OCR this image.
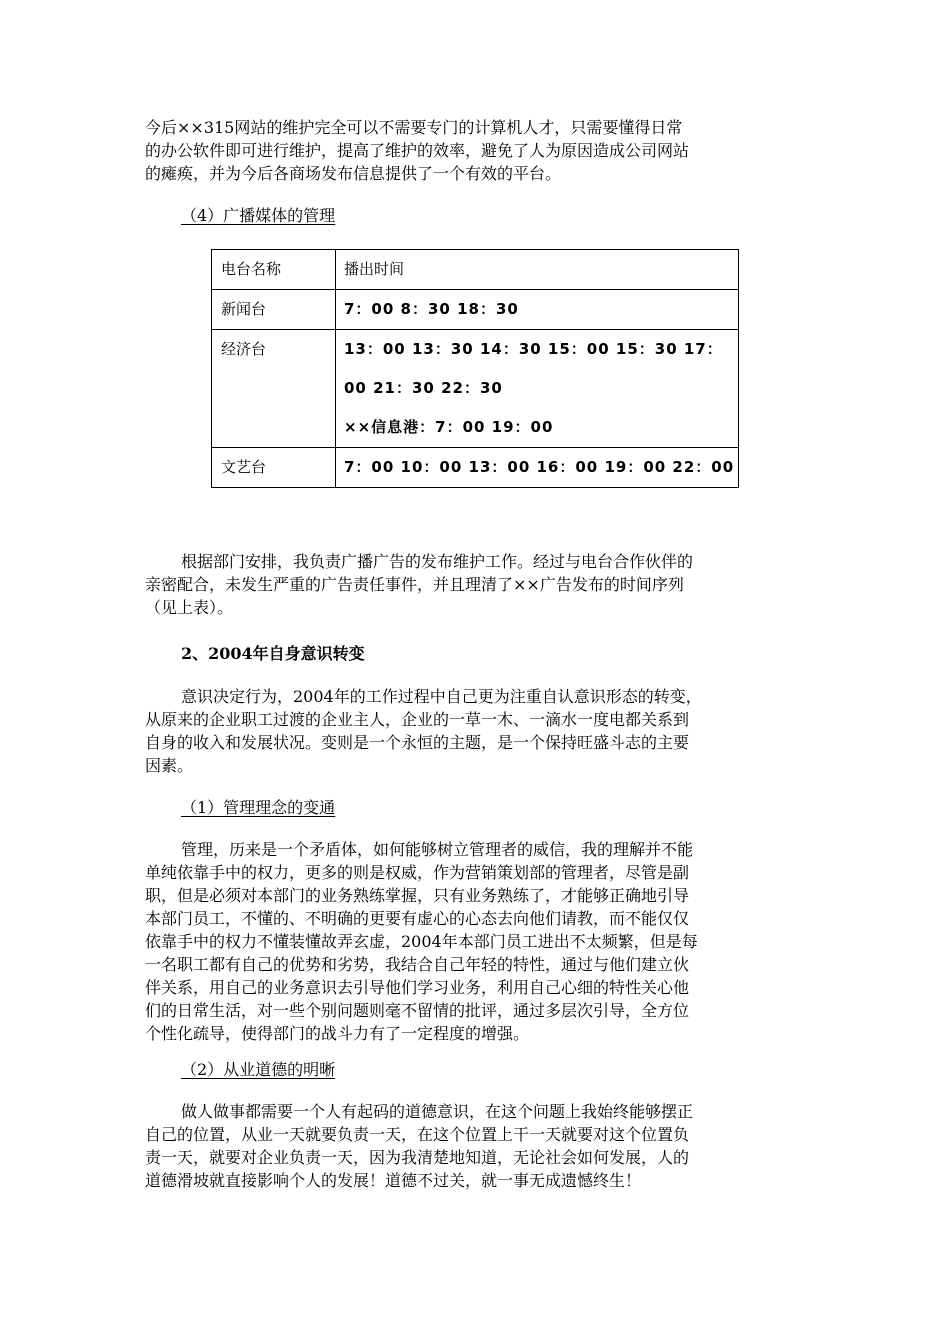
今后××315网站的维护完全可以不需要专门的计算机人才，只需要懂得日常
的办公软件即可进行维护，提高了维护的效率，避免了人为原因造成公司网站
的瘫痪，并为今后各商场发布信息提供了一个有效的平台。

（4）广播媒体的管理

电台名称	播出时间

新闻台	7：00 8：30 18：30

经济台	13：00 13：30 14：30 15：00 15：30 17：
00 21：30 22：30
××信息港：7：00 19：00

文艺台	7：00 10：00 13：00 16：00 19：00 22：00

根据部门安排，我负责广播广告的发布维护工作。经过与电台合作伙伴的
亲密配合，未发生严重的广告责任事件，并且理清了××广告发布的时间序列
（见上表）。

2、2004年自身意识转变

意识决定行为，2004年的工作过程中自己更为注重自认意识形态的转变，
从原来的企业职工过渡的企业主人，企业的一草一木、一滴水一度电都关系到
自身的收入和发展状况。变则是一个永恒的主题，是一个保持旺盛斗志的主要
因素。

（1）管理理念的变通

管理，历来是一个矛盾体，如何能够树立管理者的威信，我的理解并不能
单纯依靠手中的权力，更多的则是权威，作为营销策划部的管理者，尽管是副
职，但是必须对本部门的业务熟练掌握，只有业务熟练了，才能够正确地引导
本部门员工，不懂的、不明确的更要有虚心的心态去向他们请教，而不能仅仅
依靠手中的权力不懂装懂故弄玄虚，2004年本部门员工进出不太频繁，但是每
一名职工都有自己的优势和劣势，我结合自己年轻的特性，通过与他们建立伙
伴关系，用自己的业务意识去引导他们学习业务，利用自己心细的特性关心他
们的日常生活，对一些个别问题则毫不留情的批评，通过多层次引导，全方位
个性化疏导，使得部门的战斗力有了一定程度的增强。

（2）从业道德的明晰

做人做事都需要一个人有起码的道德意识，在这个问题上我始终能够摆正
自己的位置，从业一天就要负责一天，在这个位置上干一天就要对这个位置负
责一天，就要对企业负责一天，因为我清楚地知道，无论社会如何发展，人的
道德滑坡就直接影响个人的发展！道德不过关，就一事无成遗憾终生！
